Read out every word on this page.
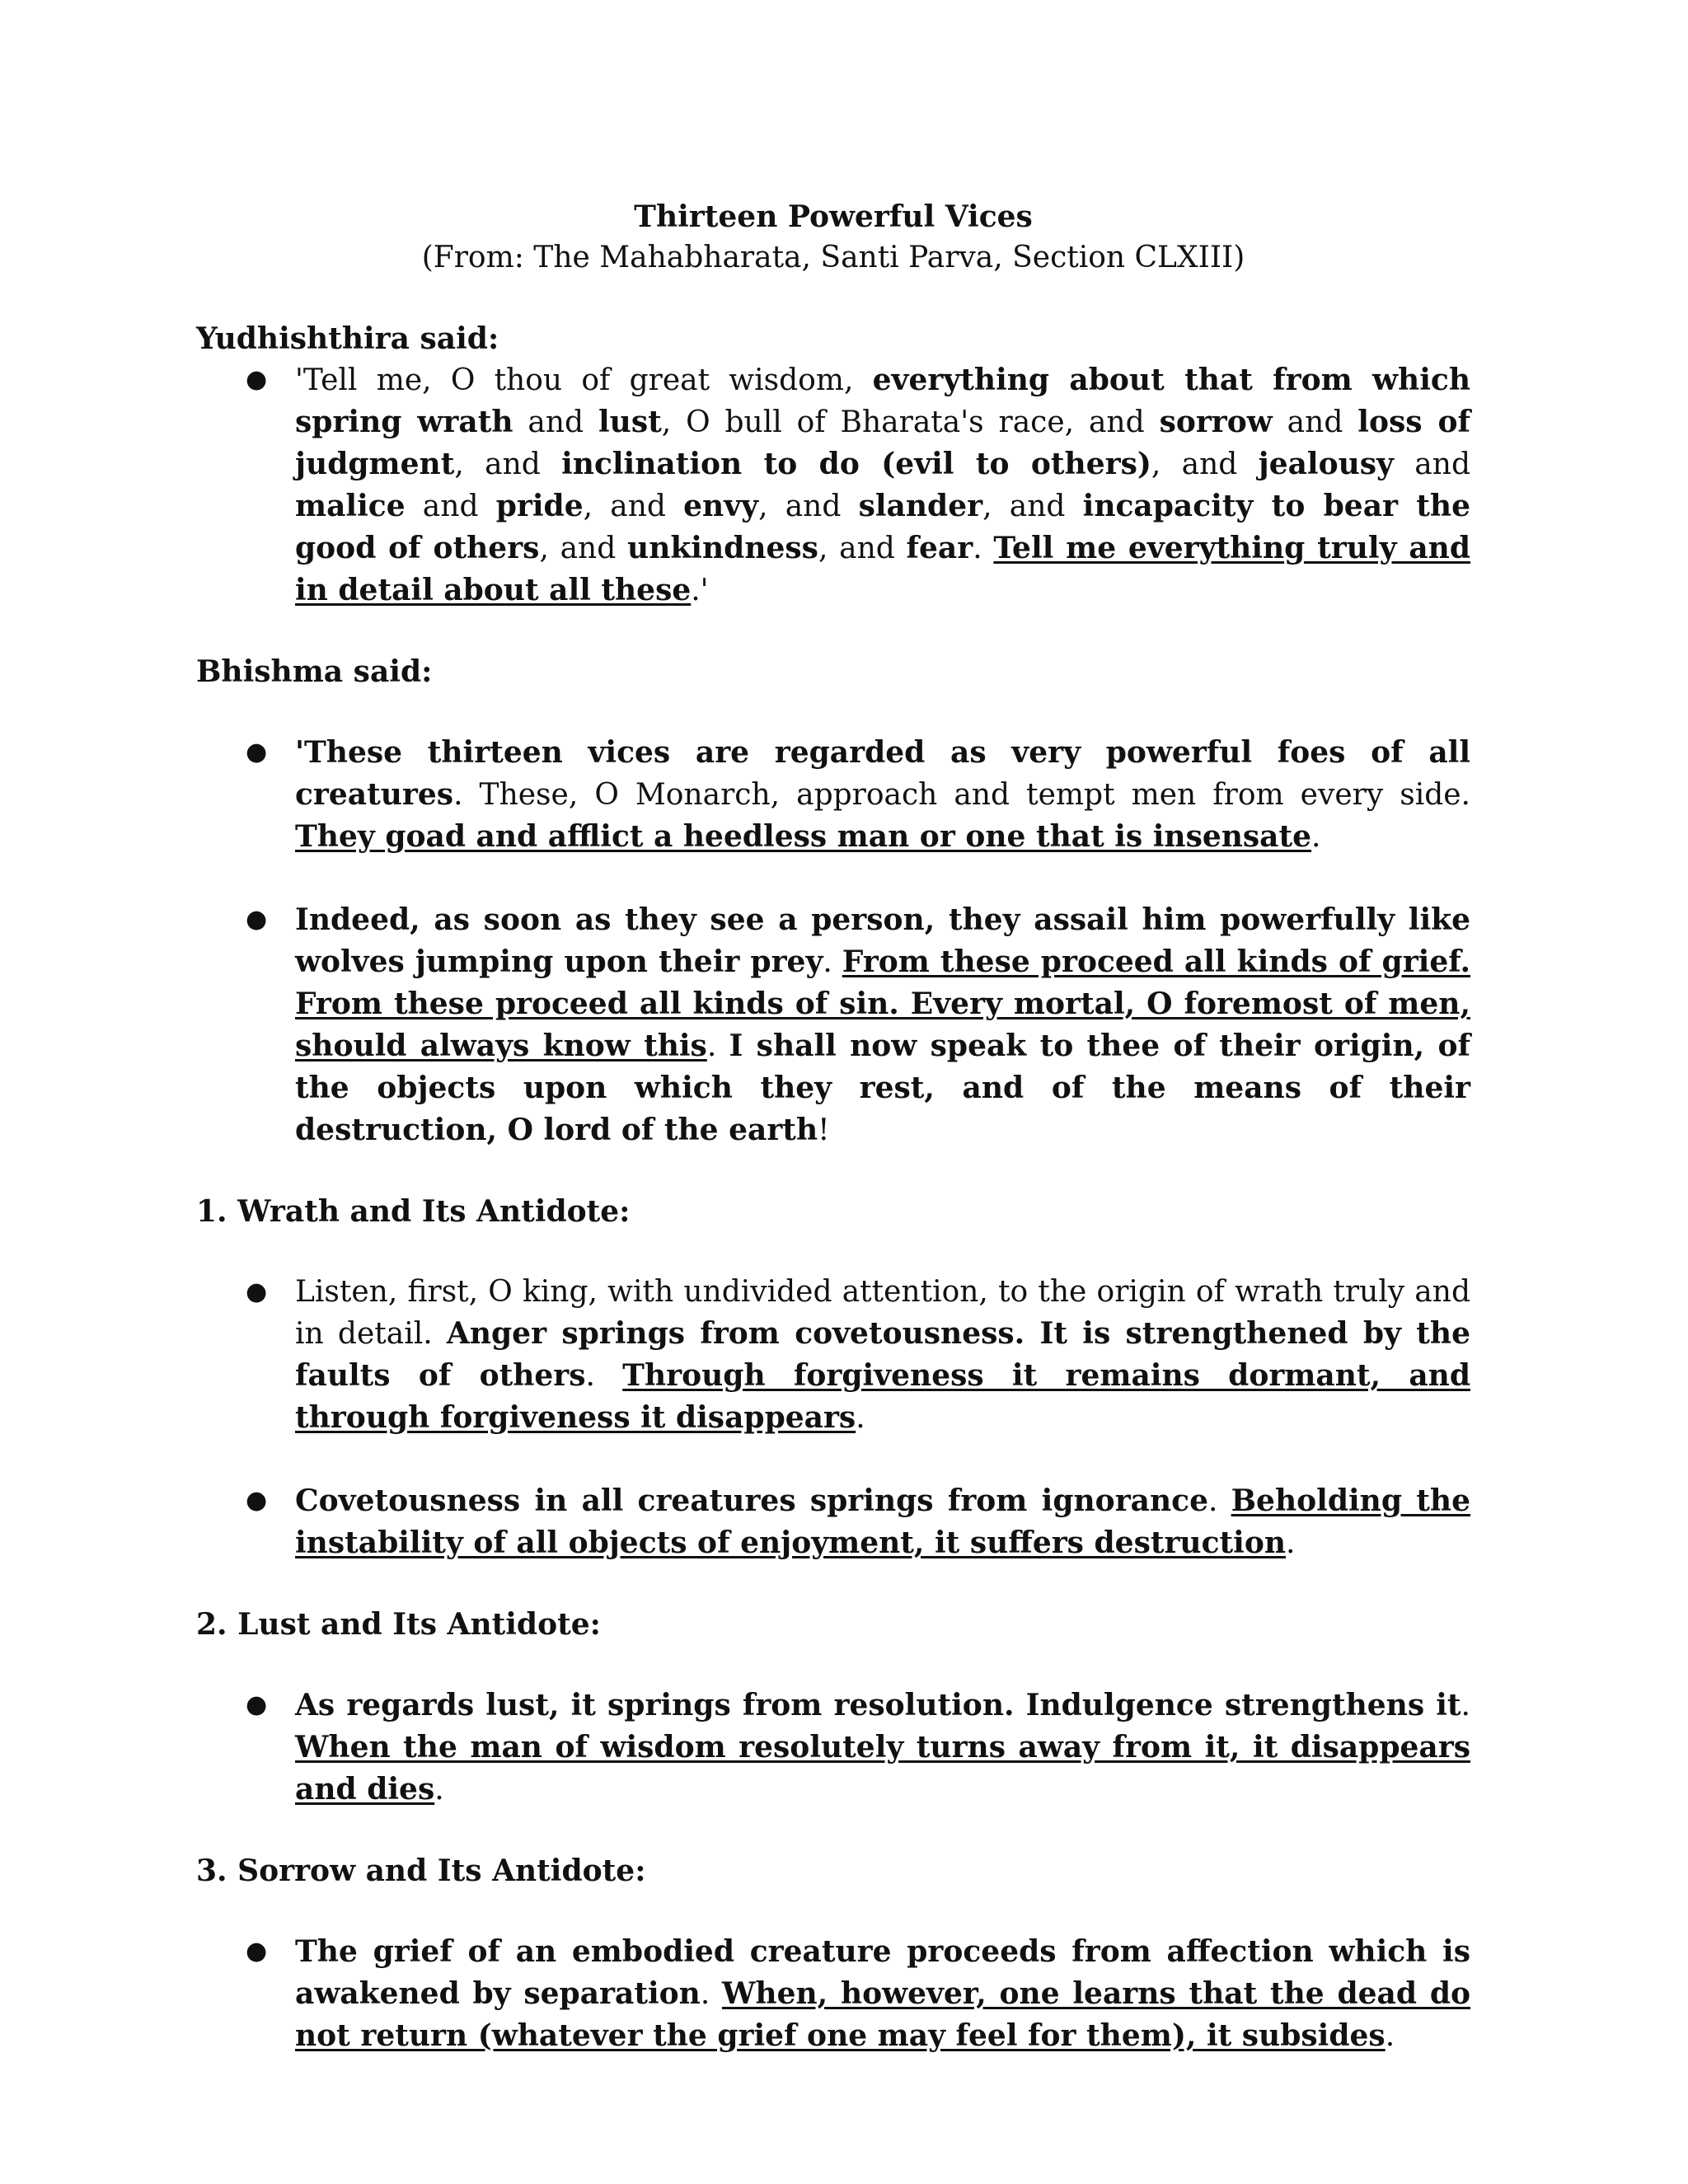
Thirteen Powerful Vices
(From: The Mahabharata, Santi Parva, Section CLXIII)

Yudhishthira said:

● 'Tell me, O thou of great wisdom, everything about that from which spring wrath and lust, O bull of Bharata's race, and sorrow and loss of judgment, and inclination to do (evil to others), and jealousy and malice and pride, and envy, and slander, and incapacity to bear the good of others, and unkindness, and fear. Tell me everything truly and in detail about all these.'

Bhishma said:

● 'These thirteen vices are regarded as very powerful foes of all creatures. These, O Monarch, approach and tempt men from every side. They goad and afflict a heedless man or one that is insensate.
● Indeed, as soon as they see a person, they assail him powerfully like wolves jumping upon their prey. From these proceed all kinds of grief. From these proceed all kinds of sin. Every mortal, O foremost of men, should always know this. I shall now speak to thee of their origin, of the objects upon which they rest, and of the means of their destruction, O lord of the earth!

1. Wrath and Its Antidote:

● Listen, first, O king, with undivided attention, to the origin of wrath truly and in detail. Anger springs from covetousness. It is strengthened by the faults of others. Through forgiveness it remains dormant, and through forgiveness it disappears.
● Covetousness in all creatures springs from ignorance. Beholding the instability of all objects of enjoyment, it suffers destruction.

2. Lust and Its Antidote:

● As regards lust, it springs from resolution. Indulgence strengthens it. When the man of wisdom resolutely turns away from it, it disappears and dies.

3. Sorrow and Its Antidote:

● The grief of an embodied creature proceeds from affection which is awakened by separation. When, however, one learns that the dead do not return (whatever the grief one may feel for them), it subsides.
